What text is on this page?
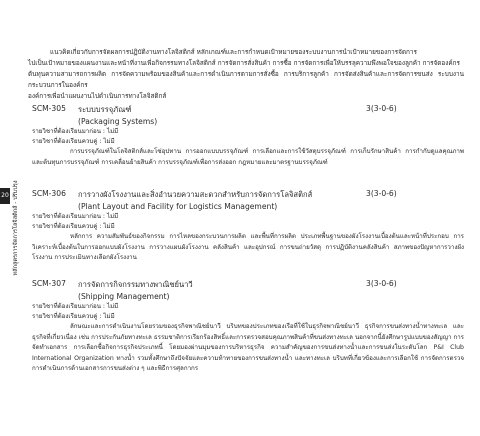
แนวคิดเกี่ยวกับการจัดผลการปฏิบัติงานทางโลจิสติกส์ หลักเกณฑ์และการกำหนดเป้าหมายของระบบงานการนำเป้าหมายของการจัดการ
ไปเป็นเป้าหมายของแผนงานและหน้าที่งานเพื่อกิจกรรมทางโลจิสติกส์ การจัดการสั่งสินค้า การซื้อ การจัดการเพื่อให้บรรลุความพึงพอใจของลูกค้า การจัดองค์กร
ต้นทุนความสามารถการผลิต การจัดความพร้อมของสินค้าและการดำเนินการตามการสั่งซื้อ การบริการลูกค้า การจัดส่งสินค้าและการจัดการขนส่ง ระบบงานกระบวนการในองค์กร
องค์การเพื่อนำแผนงานไปดำเนินการทางโลจิสติกส์
SCM-305 ระบบบรรจุภัณฑ์	3(3-0-6)
(Packaging Systems)
รายวิชาที่ต้องเรียนมาก่อน : ไม่มี
รายวิชาที่ต้องเรียนควบคู่ : ไม่มี
การบรรจุภัณฑ์ในโลจิสติกส์และโซ่อุปทาน การออกแบบบรรจุภัณฑ์ การเลือกและการใช้วัสดุบรรจุภัณฑ์ การเก็บรักษาสินค้า การกำกับดูแลคุณภาพ และต้นทุนการบรรจุภัณฑ์ การเคลื่อนย้ายสินค้า การบรรจุภัณฑ์เพื่อการส่งออก กฎหมายและมาตรฐานบรรจุภัณฑ์
SCM-306 การวางผังโรงงานและสิ่งอำนวยความสะดวกสำหรับการจัดการโลจิสติกส์	3(3-0-6)
(Plant Layout and Facility for Logistics Management)
รายวิชาที่ต้องเรียนมาก่อน : ไม่มี
รายวิชาที่ต้องเรียนควบคู่ : ไม่มี
หลักการ ความสัมพันธ์ของกิจกรรม การไหลของกระบวนการผลิต และพื้นที่การผลิต ประเภทพื้นฐานของผังโรงงานเบื้องต้นและหน้าที่ประกอบ การวิเคราะห์เบื้องต้นในการออกแบบผังโรงงาน การวางแผนผังโรงงาน คลังสินค้า และอุปกรณ์ การขนถ่ายวัสดุ การปฏิบัติงานคลังสินค้า สภาพของปัญหาการวางผังโรงงาน การประเมินทางเลือกผังโรงงาน
SCM-307 การจัดการกิจกรรมทางพาณิชย์นาวี	3(3-0-6)
(Shipping Management)
รายวิชาที่ต้องเรียนมาก่อน : ไม่มี
รายวิชาที่ต้องเรียนควบคู่ : ไม่มี
ลักษณะและการดำเนินงานโดยรวมของธุรกิจพาณิชย์นาวี บริบทของประเภทของเรือที่ใช้ในธุรกิจพาณิชย์นาวี ธุรกิจการขนส่งทางน้ำทางทะเล และธุรกิจที่เกี่ยวเนื่อง เช่น การประกันภัยทางทะเล ธรรมชาติการเรียกร้องสิทธิ์และการตรวจสอบคุณภาพสินค้าที่ขนส่งทางทะเล นอกจากนี้ยังศึกษารูปแบบของสัญญา การจัดทำเอกสาร การเลือกซื้อกิจการธุรกิจประเภทนี้ โดยมองผ่านมุมของการบริหารธุรกิจ ความสำคัญของการขนส่งทางน้ำและการขนส่งในระดับโลก P&I Club International Organization ทางน้ำ รวมทั้งศึกษาถึงปัจจัยและความท้าทายของการขนส่งทางน้ำ และทางทะเล บริบทที่เกี่ยวข้องและการเลือกใช้ การจัดการตรวจ การดำเนินการด้านเอกสารการขนส่งต่าง ๆ และพิธีการศุลกากร
20 หลักสูตรการจัดการโลจิสติกส์ - ปรับปรุง
